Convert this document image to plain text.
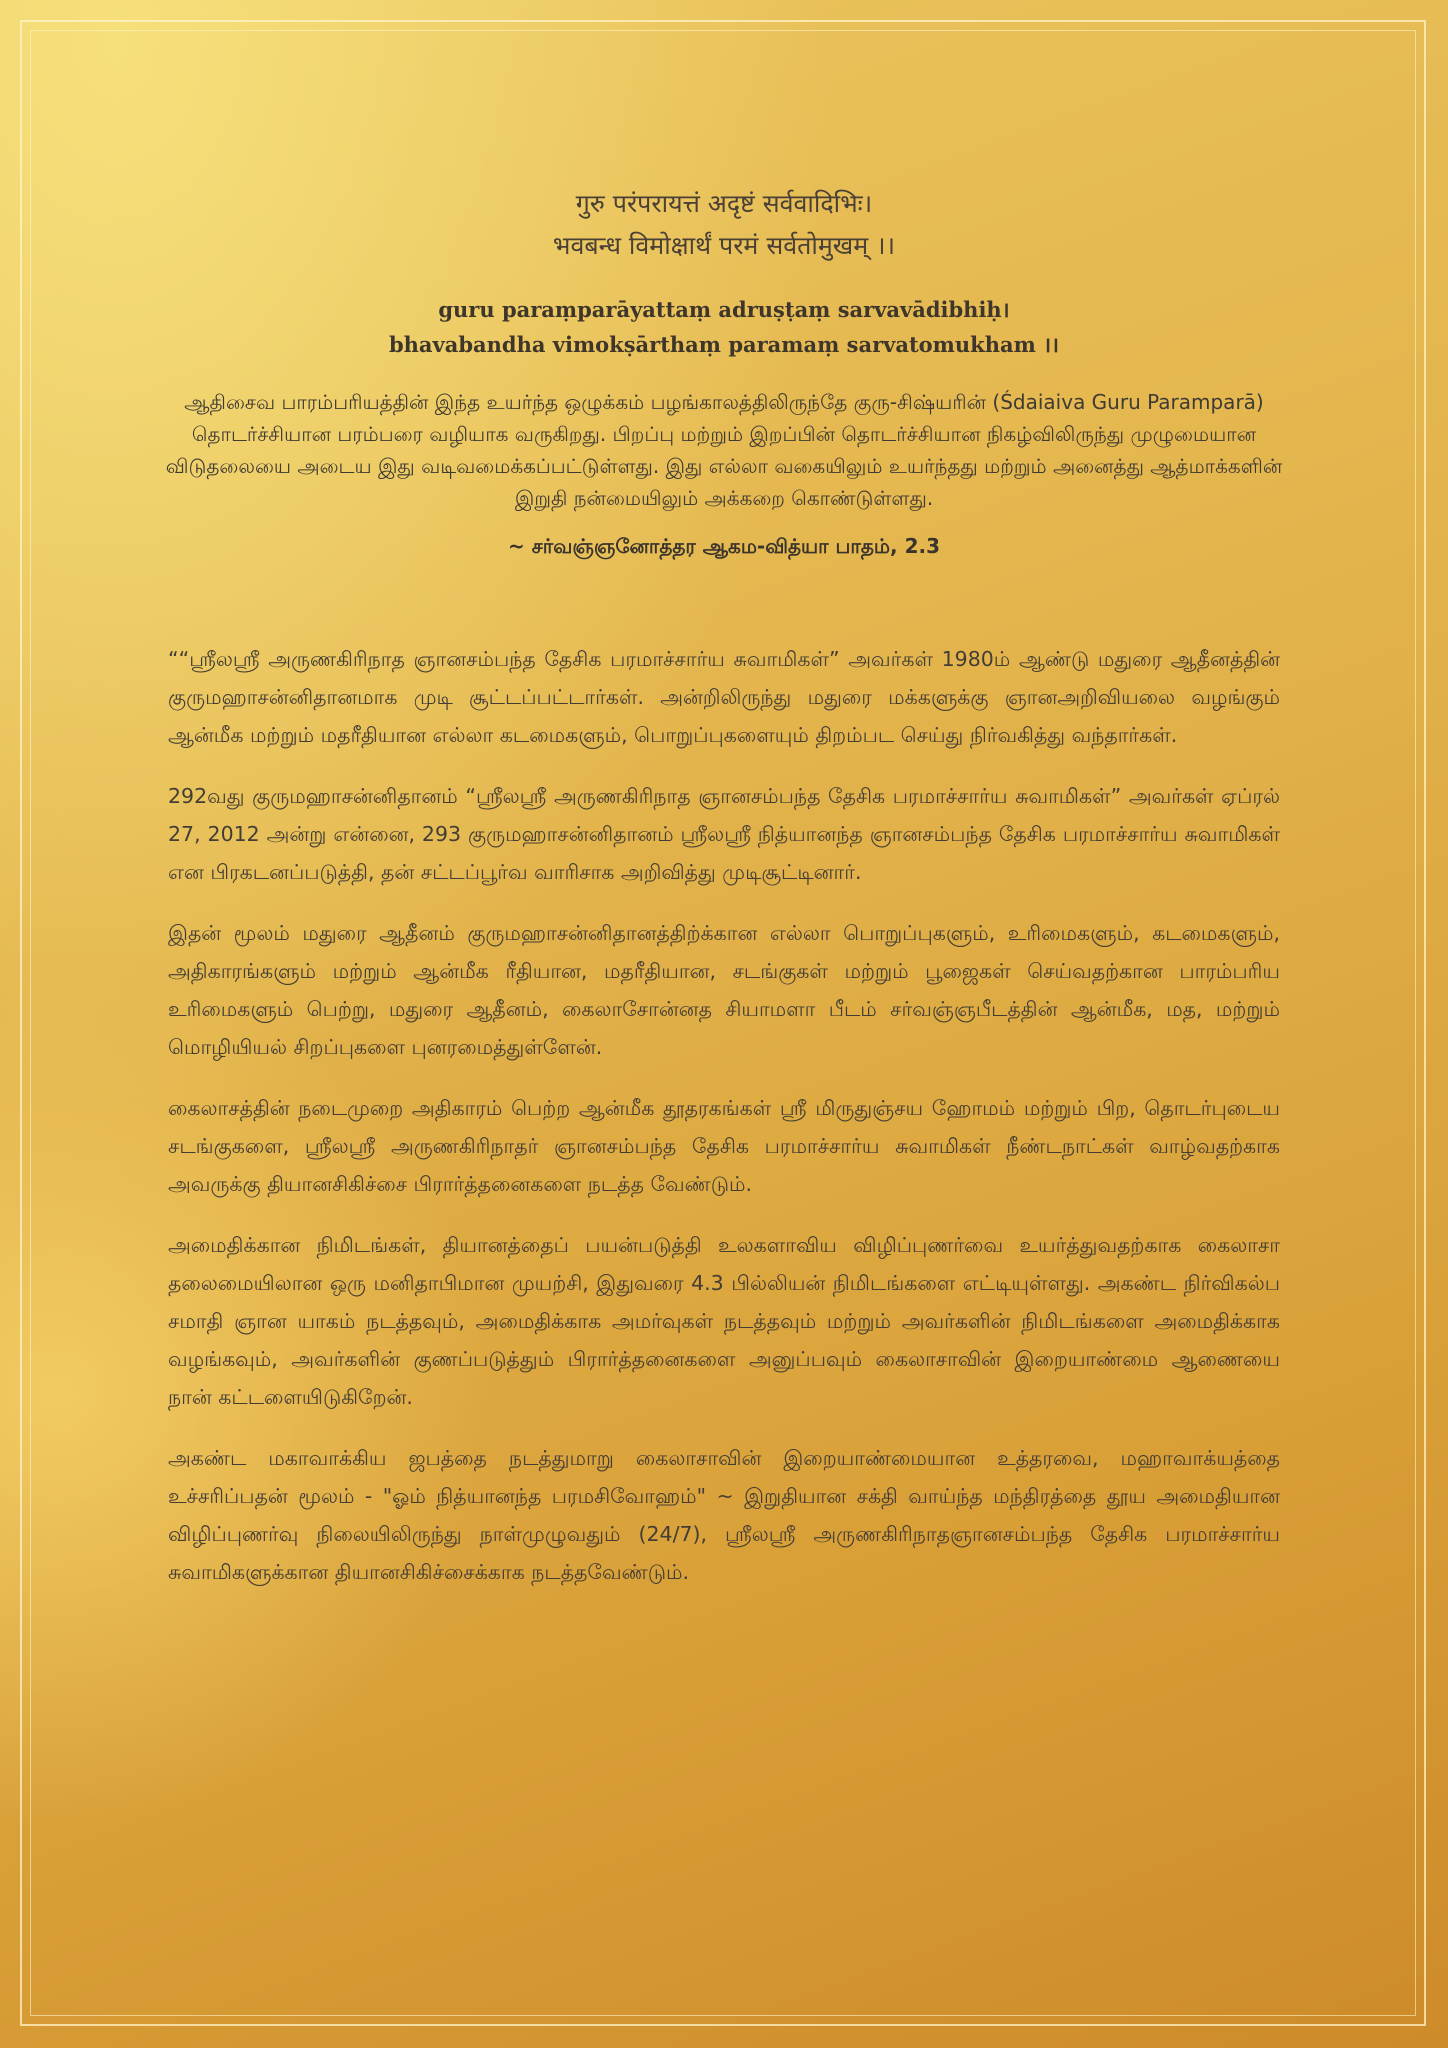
गुरु परंपरायत्तं अदृष्टं सर्ववादिभिः।
भवबन्ध विमोक्षार्थं परमं सर्वतोमुखम् ।।
guru paraṃparāyattaṃ adruṣṭaṃ sarvavādibhiḥ।
bhavabandha vimokṣārthaṃ paramaṃ sarvatomukham ।।
ஆதிசைவ பாரம்பரியத்தின் இந்த உயர்ந்த ஒழுக்கம் பழங்காலத்திலிருந்தே குரு-சிஷ்யரின் (Śdaiaiva Guru Paramparā) தொடர்ச்சியான பரம்பரை வழியாக வருகிறது. பிறப்பு மற்றும் இறப்பின் தொடர்ச்சியான நிகழ்விலிருந்து முழுமையான விடுதலையை அடைய இது வடிவமைக்கப்பட்டுள்ளது. இது எல்லா வகையிலும் உயர்ந்தது மற்றும் அனைத்து ஆத்மாக்களின் இறுதி நன்மையிலும் அக்கறை கொண்டுள்ளது.
~ சர்வஞ்ஞனோத்தர ஆகம-வித்யா பாதம், 2.3

““ஸ்ரீலஸ்ரீ அருணகிரிநாத ஞானசம்பந்த தேசிக பரமாச்சார்ய சுவாமிகள்” அவர்கள் 1980ம் ஆண்டு மதுரை ஆதீனத்தின் குருமஹாசன்னிதானமாக முடி சூட்டப்பட்டார்கள். அன்றிலிருந்து மதுரை மக்களுக்கு ஞானஅறிவியலை வழங்கும் ஆன்மீக மற்றும் மதரீதியான எல்லா கடமைகளும், பொறுப்புகளையும் திறம்பட செய்து நிர்வகித்து வந்தார்கள்.

292வது குருமஹாசன்னிதானம் “ஸ்ரீலஸ்ரீ அருணகிரிநாத ஞானசம்பந்த தேசிக பரமாச்சார்ய சுவாமிகள்” அவர்கள் ஏப்ரல் 27, 2012 அன்று என்னை, 293 குருமஹாசன்னிதானம் ஸ்ரீலஸ்ரீ நித்யானந்த ஞானசம்பந்த தேசிக பரமாச்சார்ய சுவாமிகள் என பிரகடனப்படுத்தி, தன் சட்டப்பூர்வ வாரிசாக அறிவித்து முடிசூட்டினார்.

இதன் மூலம் மதுரை ஆதீனம் குருமஹாசன்னிதானத்திற்க்கான எல்லா பொறுப்புகளும், உரிமைகளும், கடமைகளும், அதிகாரங்களும் மற்றும் ஆன்மீக ரீதியான, மதரீதியான, சடங்குகள் மற்றும் பூஜைகள் செய்வதற்கான பாரம்பரிய உரிமைகளும் பெற்று, மதுரை ஆதீனம், கைலாசோன்னத சியாமளா பீடம் சர்வஞ்ஞபீடத்தின் ஆன்மீக, மத, மற்றும் மொழியியல் சிறப்புகளை புனரமைத்துள்ளேன்.

கைலாசத்தின் நடைமுறை அதிகாரம் பெற்ற ஆன்மீக தூதரகங்கள் ஸ்ரீ மிருதுஞ்சய ஹோமம் மற்றும் பிற, தொடர்புடைய சடங்குகளை, ஸ்ரீலஸ்ரீ அருணகிரிநாதர் ஞானசம்பந்த தேசிக பரமாச்சார்ய சுவாமிகள் நீண்டநாட்கள் வாழ்வதற்காக அவருக்கு தியானசிகிச்சை பிரார்த்தனைகளை நடத்த வேண்டும்.

அமைதிக்கான நிமிடங்கள், தியானத்தைப் பயன்படுத்தி உலகளாவிய விழிப்புணர்வை உயர்த்துவதற்காக கைலாசா தலைமையிலான ஒரு மனிதாபிமான முயற்சி, இதுவரை 4.3 பில்லியன் நிமிடங்களை எட்டியுள்ளது. அகண்ட நிர்விகல்ப சமாதி ஞான யாகம் நடத்தவும், அமைதிக்காக அமர்வுகள் நடத்தவும் மற்றும் அவர்களின் நிமிடங்களை அமைதிக்காக வழங்கவும், அவர்களின் குணப்படுத்தும் பிரார்த்தனைகளை அனுப்பவும் கைலாசாவின் இறையாண்மை ஆணையை நான் கட்டளையிடுகிறேன்.

அகண்ட மகாவாக்கிய ஜபத்தை நடத்துமாறு கைலாசாவின் இறையாண்மையான உத்தரவை, மஹாவாக்யத்தை உச்சரிப்பதன் மூலம் - "ஓம் நித்யானந்த பரமசிவோஹம்" ~ இறுதியான சக்தி வாய்ந்த மந்திரத்தை தூய அமைதியான விழிப்புணர்வு நிலையிலிருந்து நாள்முழுவதும் (24/7), ஸ்ரீலஸ்ரீ அருணகிரிநாதஞானசம்பந்த தேசிக பரமாச்சார்ய சுவாமிகளுக்கான தியானசிகிச்சைக்காக நடத்தவேண்டும்.
